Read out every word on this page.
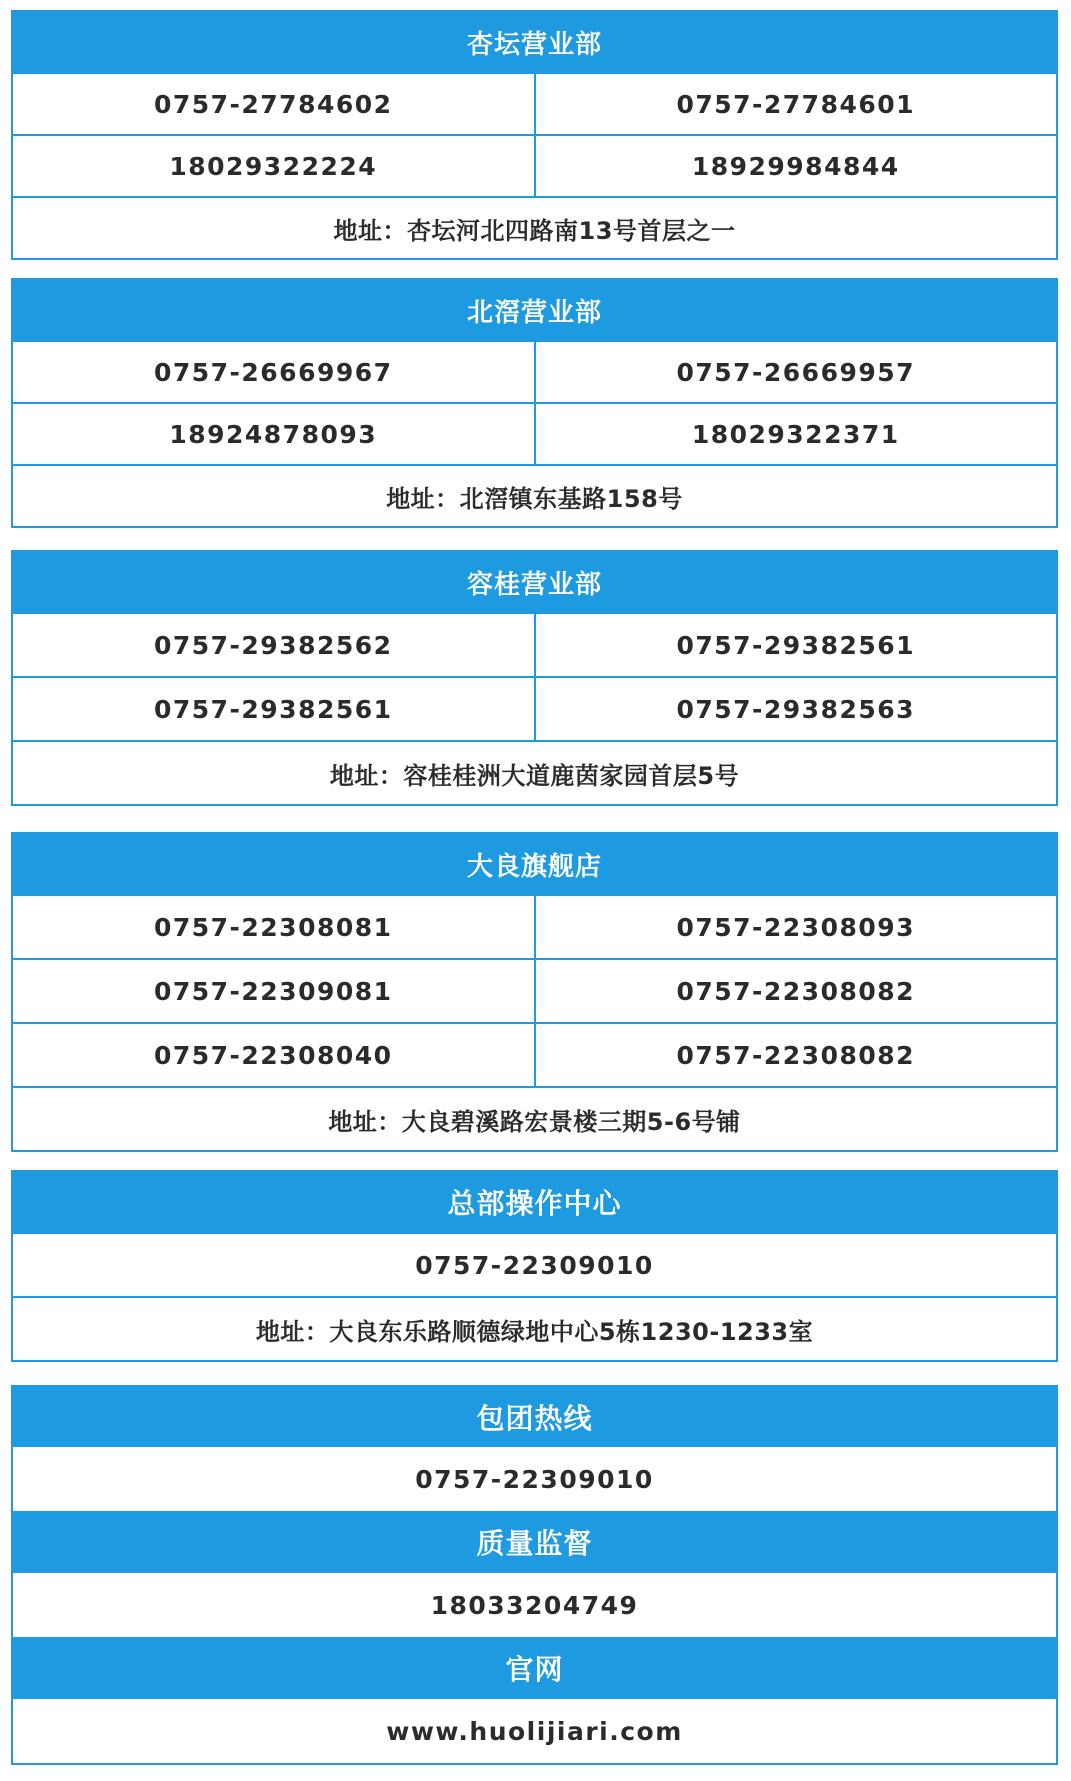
杏坛营业部
0757-27784602	0757-27784601
18029322224	18929984844
地址：杏坛河北四路南13号首层之一
北滘营业部
0757-26669967	0757-26669957
18924878093	18029322371
地址：北滘镇东基路158号
容桂营业部
0757-29382562	0757-29382561
0757-29382561	0757-29382563
地址：容桂桂洲大道鹿茵家园首层5号
大良旗舰店
0757-22308081	0757-22308093
0757-22309081	0757-22308082
0757-22308040	0757-22308082
地址：大良碧溪路宏景楼三期5-6号铺
总部操作中心
0757-22309010
地址：大良东乐路顺德绿地中心5栋1230-1233室
包团热线
0757-22309010
质量监督
18033204749
官网
www.huolijiari.com
